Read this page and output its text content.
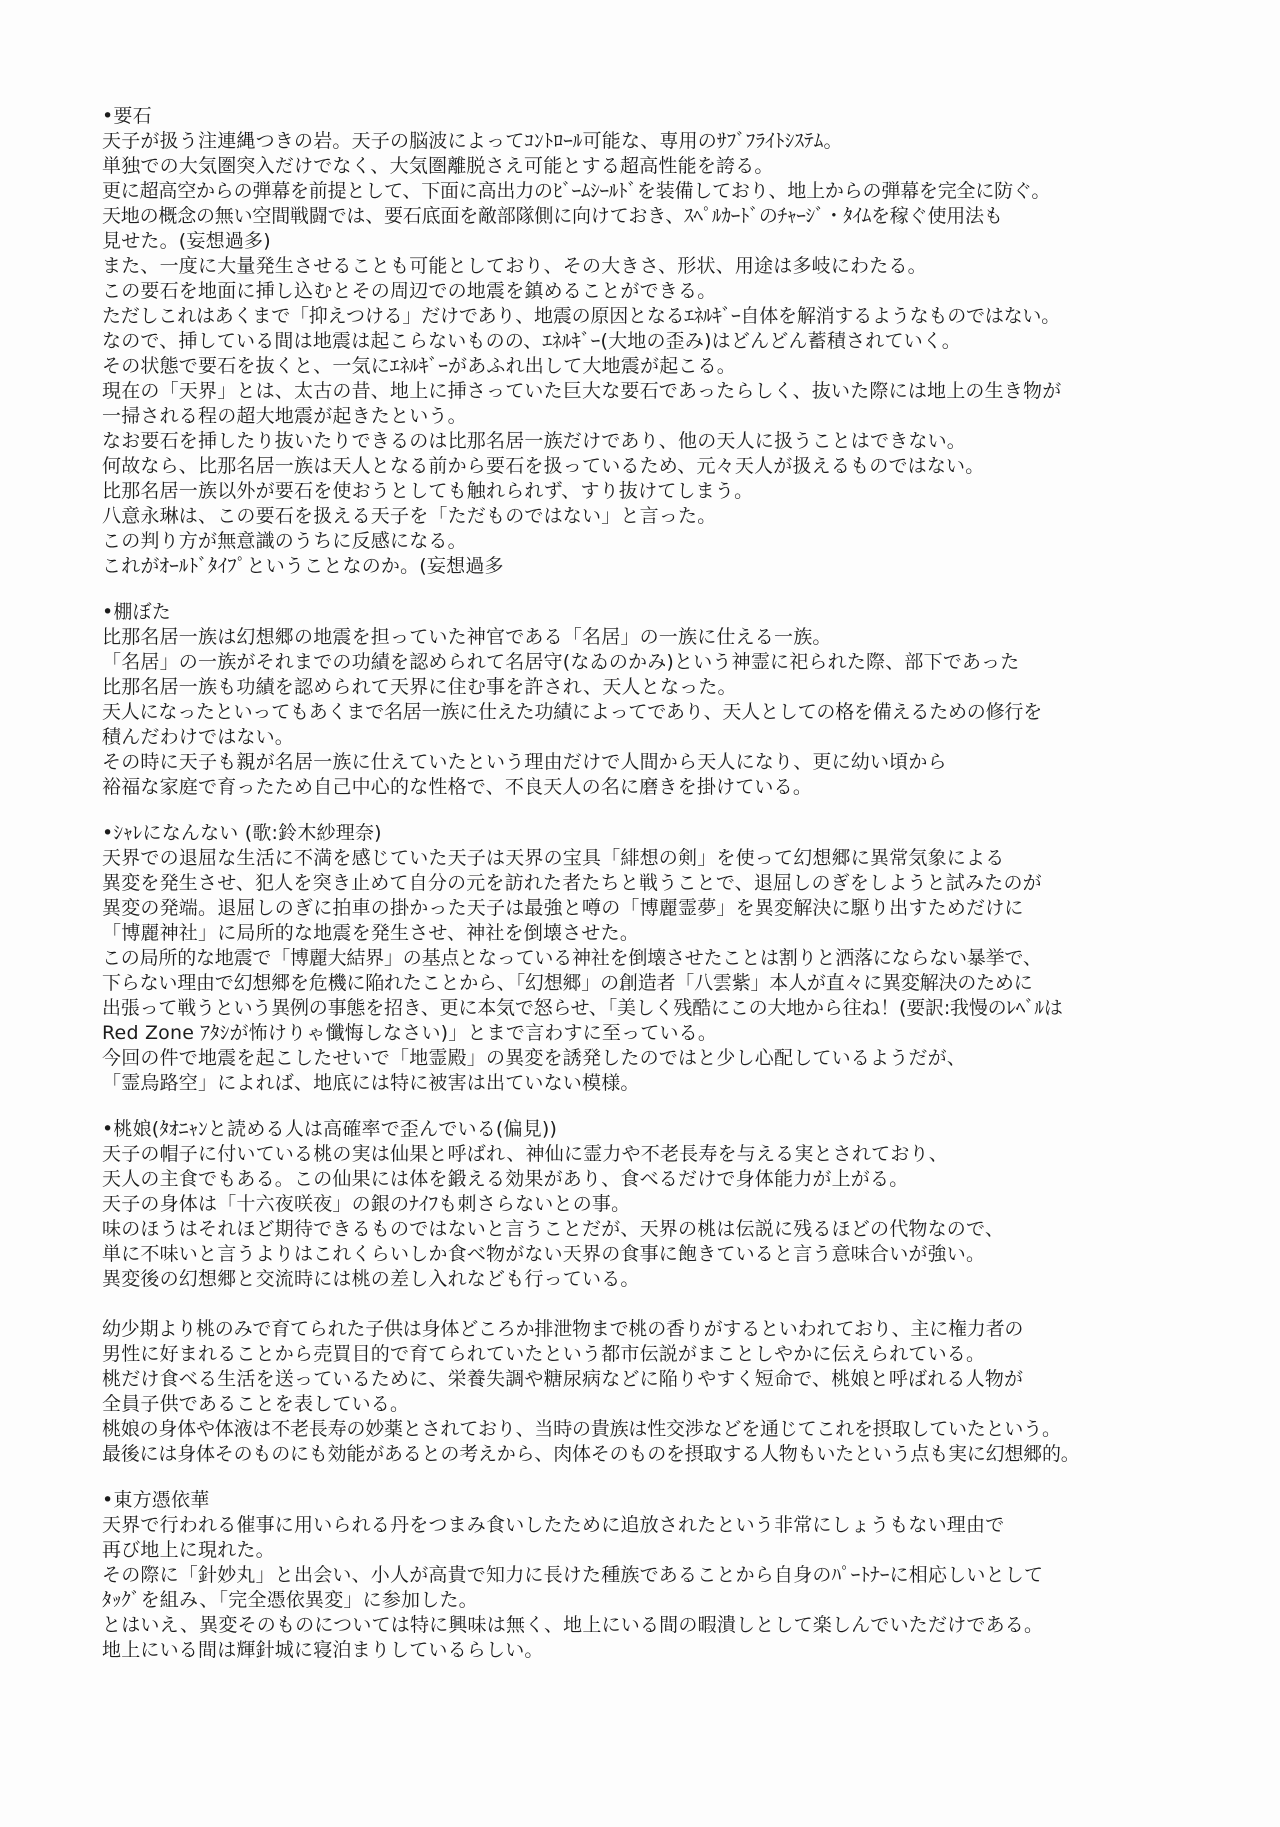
•要石
天子が扱う注連縄つきの岩。天子の脳波によってｺﾝﾄﾛｰﾙ可能な、専用のｻﾌﾞﾌﾗｲﾄｼｽﾃﾑ。
単独での大気圏突入だけでなく、大気圏離脱さえ可能とする超高性能を誇る。
更に超高空からの弾幕を前提として、下面に高出力のﾋﾞｰﾑｼｰﾙﾄﾞを装備しており、地上からの弾幕を完全に防ぐ。
天地の概念の無い空間戦闘では、要石底面を敵部隊側に向けておき、ｽﾍﾟﾙｶｰﾄﾞのﾁｬｰｼﾞ・ﾀｲﾑを稼ぐ使用法も
見せた。(妄想過多)
また、一度に大量発生させることも可能としており、その大きさ、形状、用途は多岐にわたる。
この要石を地面に挿し込むとその周辺での地震を鎮めることができる。
ただしこれはあくまで「抑えつける」だけであり、地震の原因となるｴﾈﾙｷﾞｰ自体を解消するようなものではない。
なので、挿している間は地震は起こらないものの、ｴﾈﾙｷﾞｰ(大地の歪み)はどんどん蓄積されていく。
その状態で要石を抜くと、一気にｴﾈﾙｷﾞｰがあふれ出して大地震が起こる。
現在の「天界」とは、太古の昔、地上に挿さっていた巨大な要石であったらしく、抜いた際には地上の生き物が
一掃される程の超大地震が起きたという。
なお要石を挿したり抜いたりできるのは比那名居一族だけであり、他の天人に扱うことはできない。
何故なら、比那名居一族は天人となる前から要石を扱っているため、元々天人が扱えるものではない。
比那名居一族以外が要石を使おうとしても触れられず、すり抜けてしまう。
八意永琳は、この要石を扱える天子を「ただものではない」と言った。
この判り方が無意識のうちに反感になる。
これがｵｰﾙﾄﾞﾀｲﾌﾟということなのか。(妄想過多
•棚ぼた
比那名居一族は幻想郷の地震を担っていた神官である「名居」の一族に仕える一族。
「名居」の一族がそれまでの功績を認められて名居守(なゐのかみ)という神霊に祀られた際、部下であった
比那名居一族も功績を認められて天界に住む事を許され、天人となった。
天人になったといってもあくまで名居一族に仕えた功績によってであり、天人としての格を備えるための修行を
積んだわけではない。
その時に天子も親が名居一族に仕えていたという理由だけで人間から天人になり、更に幼い頃から
裕福な家庭で育ったため自己中心的な性格で、不良天人の名に磨きを掛けている。
•ｼｬﾚになんない (歌:鈴木紗理奈)
天界での退屈な生活に不満を感じていた天子は天界の宝具「緋想の剣」を使って幻想郷に異常気象による
異変を発生させ、犯人を突き止めて自分の元を訪れた者たちと戦うことで、退屈しのぎをしようと試みたのが
異変の発端。退屈しのぎに拍車の掛かった天子は最強と噂の「博麗霊夢」を異変解決に駆り出すためだけに
「博麗神社」に局所的な地震を発生させ、神社を倒壊させた。
この局所的な地震で「博麗大結界」の基点となっている神社を倒壊させたことは割りと洒落にならない暴挙で、
下らない理由で幻想郷を危機に陥れたことから、「幻想郷」の創造者「八雲紫」本人が直々に異変解決のために
出張って戦うという異例の事態を招き、更に本気で怒らせ、「美しく残酷にこの大地から往ね！(要訳:我慢のﾚﾍﾞﾙは
Red Zone ｱﾀｼが怖けりゃ懺悔しなさい)」とまで言わすに至っている。
今回の件で地震を起こしたせいで「地霊殿」の異変を誘発したのではと少し心配しているようだが、
「霊烏路空」によれば、地底には特に被害は出ていない模様。
•桃娘(ﾀｵﾆｬﾝと読める人は高確率で歪んでいる(偏見))
天子の帽子に付いている桃の実は仙果と呼ばれ、神仙に霊力や不老長寿を与える実とされており、
天人の主食でもある。この仙果には体を鍛える効果があり、食べるだけで身体能力が上がる。
天子の身体は「十六夜咲夜」の銀のﾅｲﾌも刺さらないとの事。
味のほうはそれほど期待できるものではないと言うことだが、天界の桃は伝説に残るほどの代物なので、
単に不味いと言うよりはこれくらいしか食べ物がない天界の食事に飽きていると言う意味合いが強い。
異変後の幻想郷と交流時には桃の差し入れなども行っている。
幼少期より桃のみで育てられた子供は身体どころか排泄物まで桃の香りがするといわれており、主に権力者の
男性に好まれることから売買目的で育てられていたという都市伝説がまことしやかに伝えられている。
桃だけ食べる生活を送っているために、栄養失調や糖尿病などに陥りやすく短命で、桃娘と呼ばれる人物が
全員子供であることを表している。
桃娘の身体や体液は不老長寿の妙薬とされており、当時の貴族は性交渉などを通じてこれを摂取していたという。
最後には身体そのものにも効能があるとの考えから、肉体そのものを摂取する人物もいたという点も実に幻想郷的。
•東方憑依華
天界で行われる催事に用いられる丹をつまみ食いしたために追放されたという非常にしょうもない理由で
再び地上に現れた。
その際に「針妙丸」と出会い、小人が高貴で知力に長けた種族であることから自身のﾊﾟｰﾄﾅｰに相応しいとして
ﾀｯｸﾞを組み、「完全憑依異変」に参加した。
とはいえ、異変そのものについては特に興味は無く、地上にいる間の暇潰しとして楽しんでいただけである。
地上にいる間は輝針城に寝泊まりしているらしい。
